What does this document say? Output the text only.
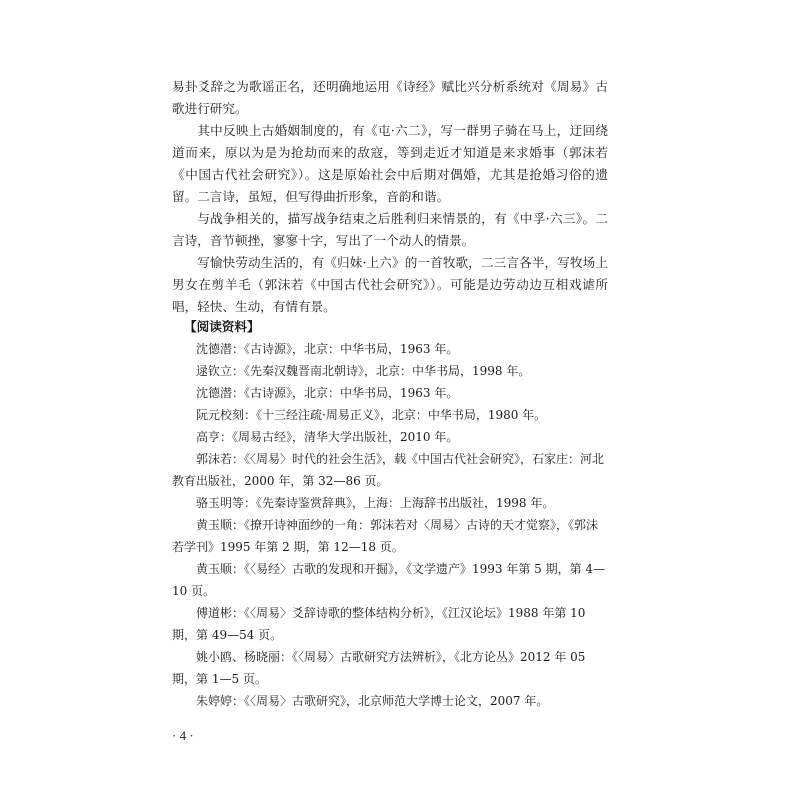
易卦爻辞之为歌谣正名，还明确地运用《诗经》赋比兴分析系统对《周易》古歌进行研究。

其中反映上古婚姻制度的，有《屯·六二》，写一群男子骑在马上，迂回绕道而来，原以为是为抢劫而来的敌寇，等到走近才知道是来求婚事（郭沫若《中国古代社会研究》）。这是原始社会中后期对偶婚，尤其是抢婚习俗的遗留。二言诗，虽短，但写得曲折形象，音韵和谐。

与战争相关的，描写战争结束之后胜利归来情景的，有《中孚·六三》。二言诗，音节顿挫，寥寥十字，写出了一个动人的情景。

写愉快劳动生活的，有《归妹·上六》的一首牧歌，二三言各半，写牧场上男女在剪羊毛（郭沫若《中国古代社会研究》）。可能是边劳动边互相戏谑所唱，轻快、生动，有情有景。

【阅读资料】

沈德潜：《古诗源》，北京：中华书局，1963 年。

逯钦立：《先秦汉魏晋南北朝诗》，北京：中华书局，1998 年。

沈德潜：《古诗源》，北京：中华书局，1963 年。

阮元校刻：《十三经注疏·周易正义》，北京：中华书局，1980 年。

高亨：《周易古经》，清华大学出版社，2010 年。

郭沫若：《〈周易〉时代的社会生活》，载《中国古代社会研究》，石家庄：河北教育出版社，2000 年，第 32—86 页。

骆玉明等：《先秦诗鉴赏辞典》，上海：上海辞书出版社，1998 年。

黄玉顺：《撩开诗神面纱的一角：郭沫若对〈周易〉古诗的天才觉察》，《郭沫若学刊》1995 年第 2 期，第 12—18 页。

黄玉顺：《〈易经〉古歌的发现和开掘》，《文学遗产》1993 年第 5 期，第 4—10 页。

傅道彬：《〈周易〉爻辞诗歌的整体结构分析》，《江汉论坛》1988 年第 10 期，第 49—54 页。

姚小鸥、杨晓丽：《〈周易〉古歌研究方法辨析》，《北方论丛》2012 年 05 期，第 1—5 页。

朱婷婷：《〈周易〉古歌研究》，北京师范大学博士论文，2007 年。

· 4 ·
